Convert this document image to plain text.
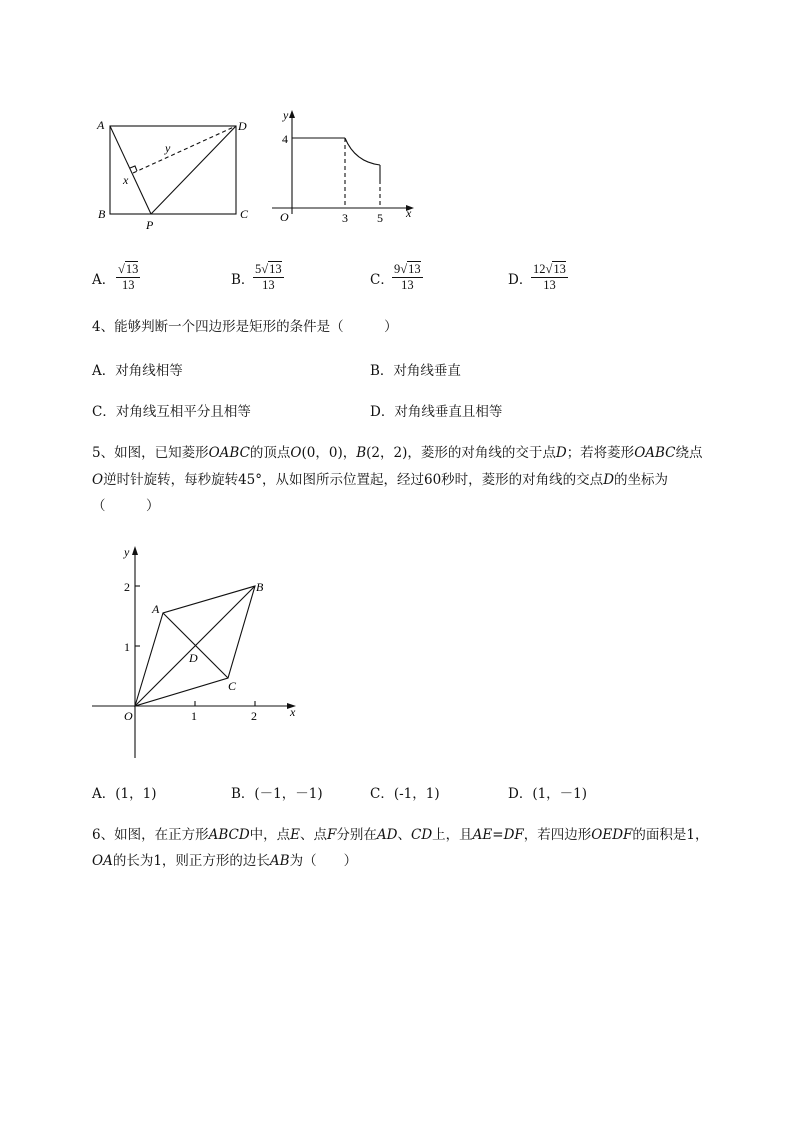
A	D
B	C
P
x
y
y
4
O	3 5 x
A． $\frac{√13}{13}$	B．
$\frac{5√13}{13}$	C．
$\frac{9√13}{13}$	D．
$\frac{12√13}{13}$
4、能够判断一个四边形是矩形的条件是（　　　）
A．对角线相等	B．对角线垂直
C．对角线互相平分且相等	D．对角线垂直且相等
5、如图，已知菱形OABC的顶点O(0，0)，B(2，2)，菱形的对角线的交于点D；若将菱形OABC绕点
O逆时针旋转，每秒旋转45°，从如图所示位置起，经过60秒时，菱形的对角线的交点D的坐标为
（　　　）
y
2
1
O	1	2	x
A
B
C
D
A．(1，1)	B．(－1，－1)	C．(-1，1)	D．(1，－1)
6、如图，在正方形ABCD中，点E、点F分别在AD、CD上，且AE=DF，若四边形OEDF的面积是1，
OA的长为1，则正方形的边长AB为（　　）
